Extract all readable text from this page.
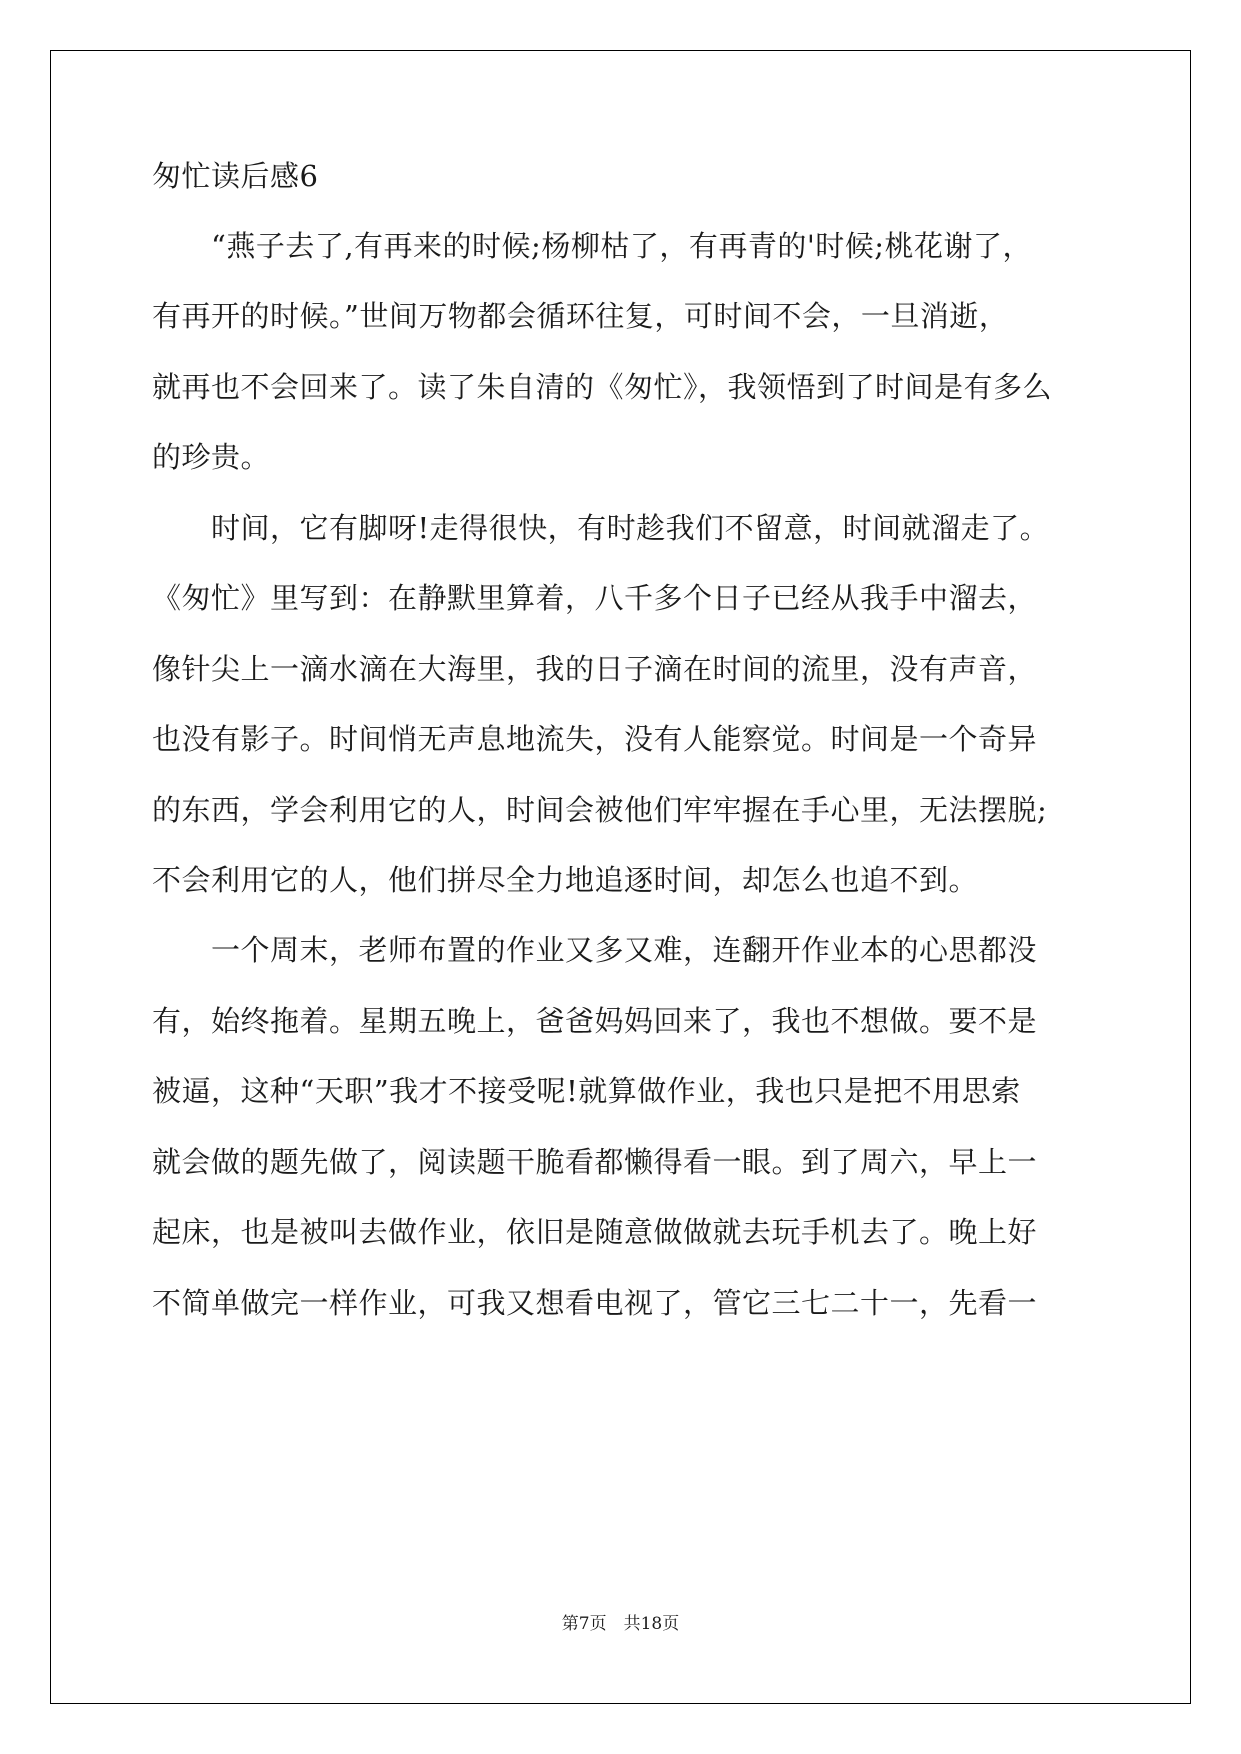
匆忙读后感6
　　“燕子去了,有再来的时候;杨柳枯了，有再青的'时候;桃花谢了，
有再开的时候。”世间万物都会循环往复，可时间不会，一旦消逝，
就再也不会回来了。读了朱自清的《匆忙》，我领悟到了时间是有多么
的珍贵。
　　时间，它有脚呀!走得很快，有时趁我们不留意，时间就溜走了。
《匆忙》里写到：在静默里算着，八千多个日子已经从我手中溜去，
像针尖上一滴水滴在大海里，我的日子滴在时间的流里，没有声音，
也没有影子。时间悄无声息地流失，没有人能察觉。时间是一个奇异
的东西，学会利用它的人，时间会被他们牢牢握在手心里，无法摆脱;
不会利用它的人，他们拼尽全力地追逐时间，却怎么也追不到。
　　一个周末，老师布置的作业又多又难，连翻开作业本的心思都没
有，始终拖着。星期五晚上，爸爸妈妈回来了，我也不想做。要不是
被逼，这种“天职”我才不接受呢!就算做作业，我也只是把不用思索
就会做的题先做了，阅读题干脆看都懒得看一眼。到了周六，早上一
起床，也是被叫去做作业，依旧是随意做做就去玩手机去了。晚上好
不简单做完一样作业，可我又想看电视了，管它三七二十一，先看一
第7页　共18页
